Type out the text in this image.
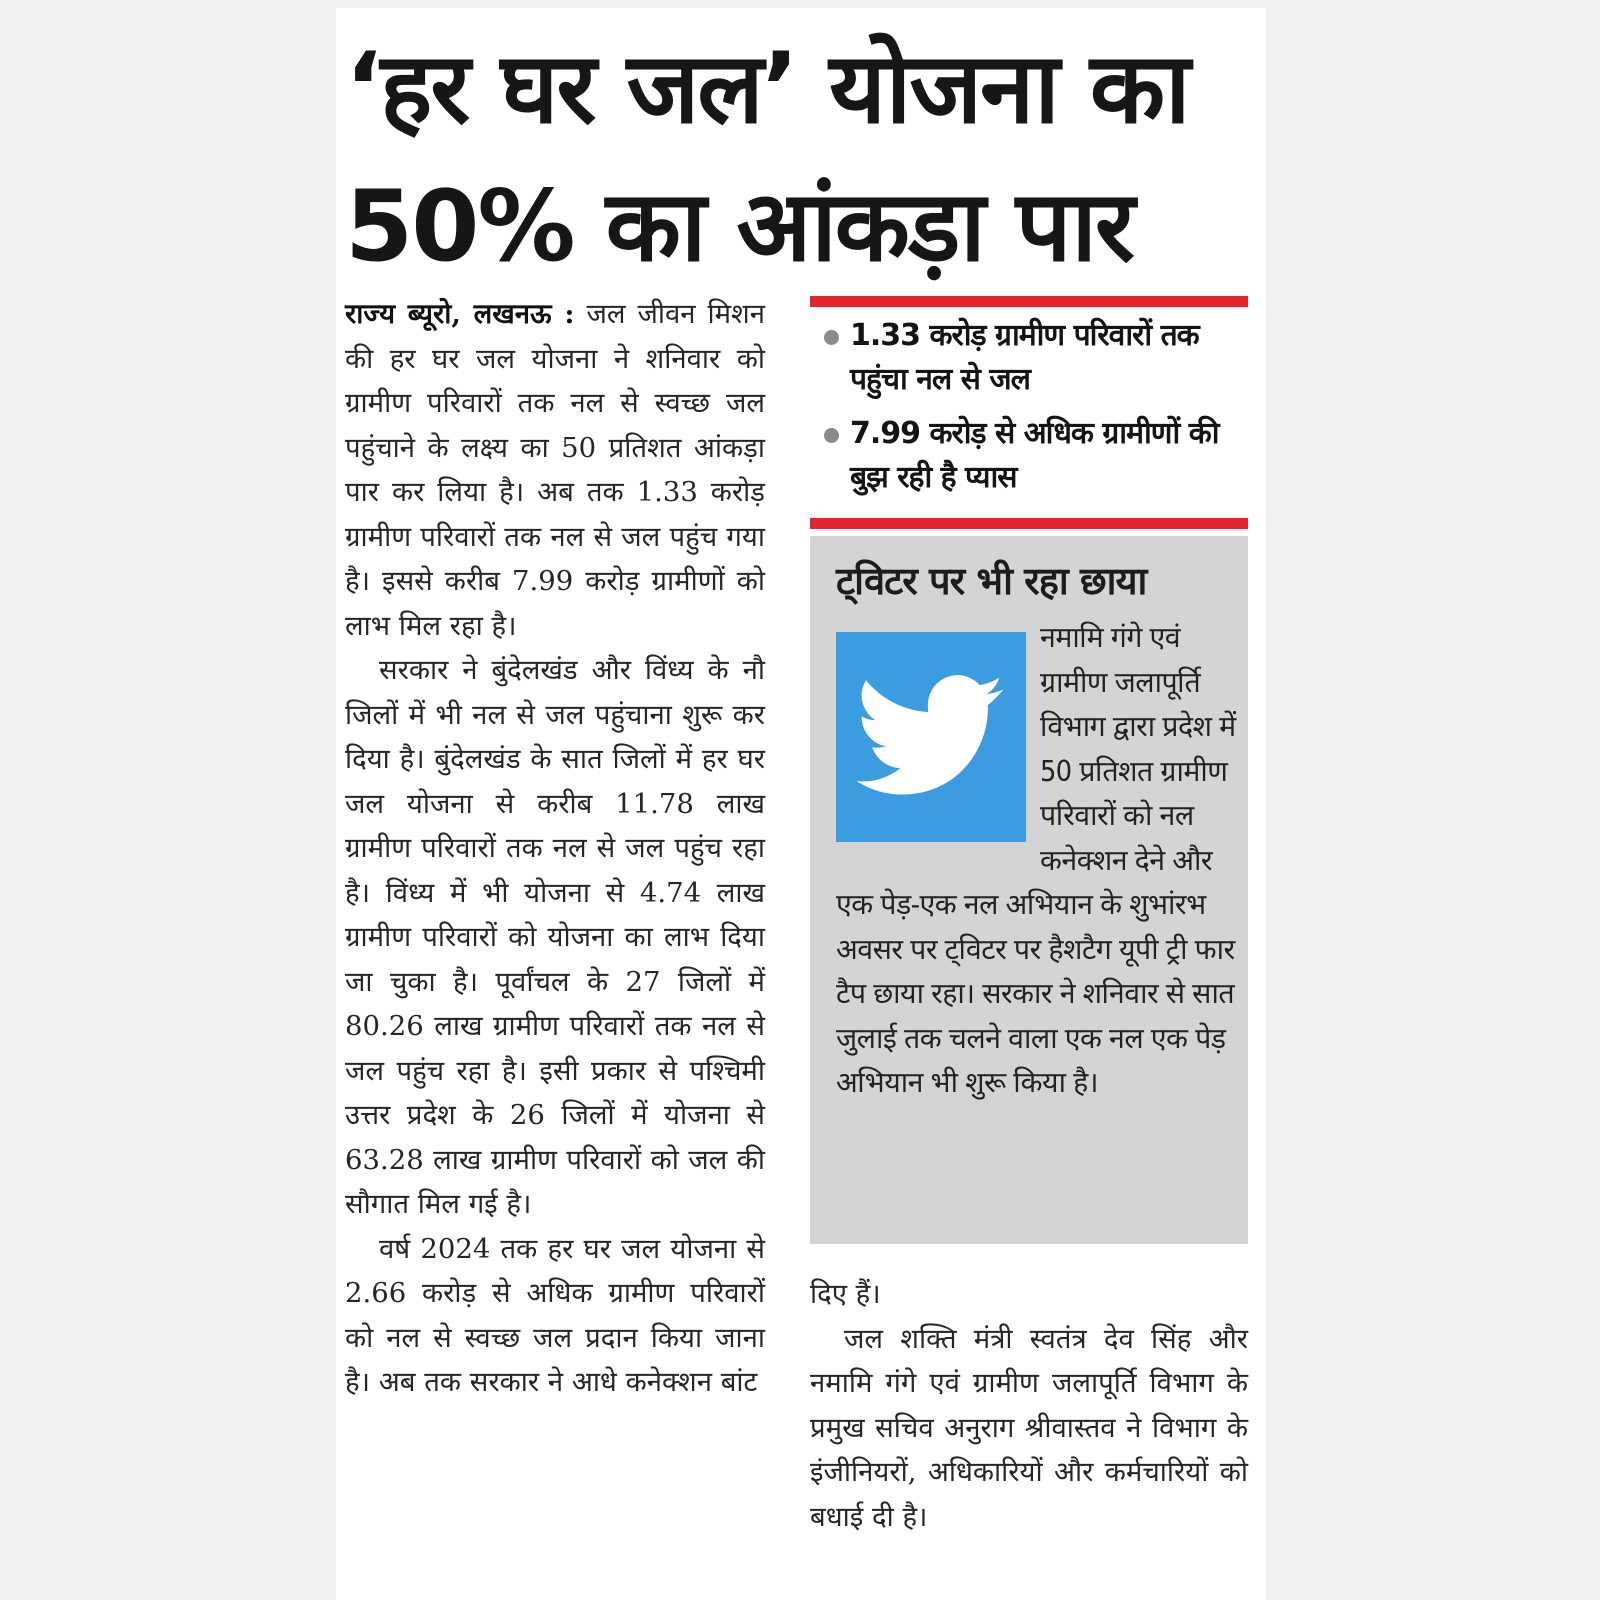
‘हर घर जल’ योजना का
50% का आंकड़ा पार

राज्य ब्यूरो, लखनऊ : जल जीवन मिशन की हर घर जल योजना ने शनिवार को ग्रामीण परिवारों तक नल से स्वच्छ जल पहुंचाने के लक्ष्य का 50 प्रतिशत आंकड़ा पार कर लिया है। अब तक 1.33 करोड़ ग्रामीण परिवारों तक नल से जल पहुंच गया है। इससे करीब 7.99 करोड़ ग्रामीणों को लाभ मिल रहा है।

सरकार ने बुंदेलखंड और विंध्य के नौ जिलों में भी नल से जल पहुंचाना शुरू कर दिया है। बुंदेलखंड के सात जिलों में हर घर जल योजना से करीब 11.78 लाख ग्रामीण परिवारों तक नल से जल पहुंच रहा है। विंध्य में भी योजना से 4.74 लाख ग्रामीण परिवारों को योजना का लाभ दिया जा चुका है। पूर्वांचल के 27 जिलों में 80.26 लाख ग्रामीण परिवारों तक नल से जल पहुंच रहा है। इसी प्रकार से पश्चिमी उत्तर प्रदेश के 26 जिलों में योजना से 63.28 लाख ग्रामीण परिवारों को जल की सौगात मिल गई है।

वर्ष 2024 तक हर घर जल योजना से 2.66 करोड़ से अधिक ग्रामीण परिवारों को नल से स्वच्छ जल प्रदान किया जाना है। अब तक सरकार ने आधे कनेक्शन बांट

1.33 करोड़ ग्रामीण परिवारों तक पहुंचा नल से जल
7.99 करोड़ से अधिक ग्रामीणों की बुझ रही है प्यास
ट्विटर पर भी रहा छाया

नमामि गंगे एवं ग्रामीण जलापूर्ति विभाग द्वारा प्रदेश में 50 प्रतिशत ग्रामीण परिवारों को नल कनेक्शन देने और एक पेड़-एक नल अभियान के शुभांरभ अवसर पर ट्विटर पर हैशटैग यूपी ट्री फार टैप छाया रहा। सरकार ने शनिवार से सात जुलाई तक चलने वाला एक नल एक पेड़ अभियान भी शुरू किया है।

दिए हैं।

जल शक्ति मंत्री स्वतंत्र देव सिंह और नमामि गंगे एवं ग्रामीण जलापूर्ति विभाग के प्रमुख सचिव अनुराग श्रीवास्तव ने विभाग के इंजीनियरों, अधिकारियों और कर्मचारियों को बधाई दी है।
